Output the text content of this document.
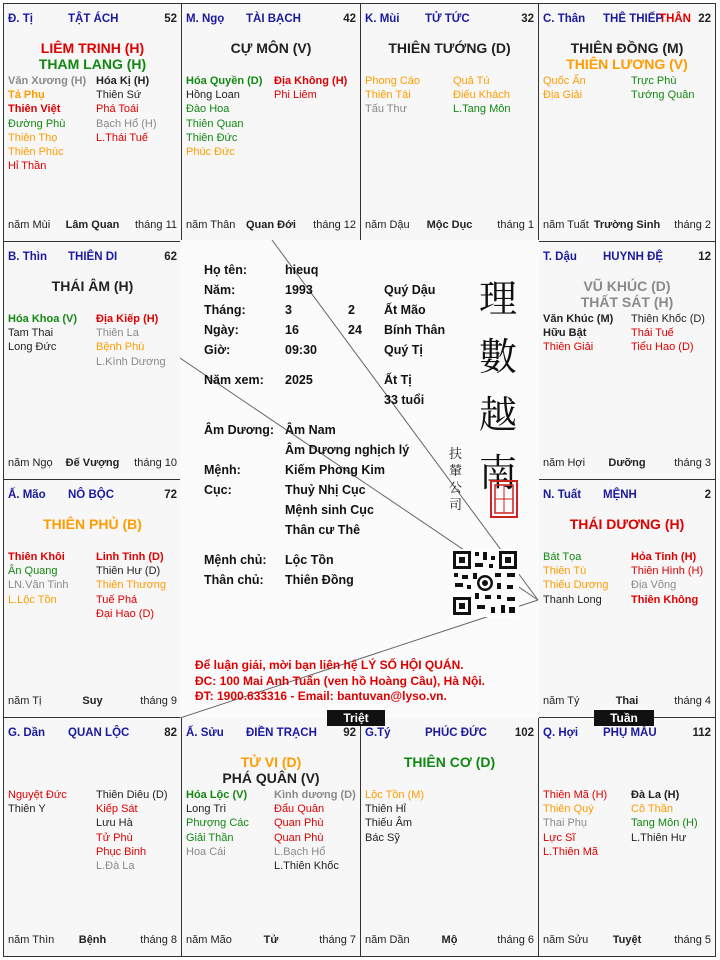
Đ. Tị	TẬT ÁCH	52
LIÊM TRINH (H)
THAM LANG (H)
Văn Xương (H)
Tả Phụ
Thiên Việt
Đường Phù
Thiên Thọ
Thiên Phúc
Hỉ Thần
Hóa Kị (H)
Thiên Sứ
Phá Toái
Bạch Hổ (H)
L.Thái Tuế
Lâm Quan
năm Mùi	tháng 11
M. Ngọ TÀI BẠCH	42
CỰ MÔN (V)
Hóa Quyền (D)
Hồng Loan
Đào Hoa
Thiên Quan
Thiên Đức
Phúc Đức
Địa Không (H)
Phi Liêm
Quan Đới
năm Thân	tháng 12
K. Mùi TỬ TỨC	32
THIÊN TƯỚNG (D)
Phong Cáo
Thiên Tài
Tấu Thư
Quả Tú
Điếu Khách
L.Tang Môn
Mộc Dục
năm Dậu	tháng 1
C. Thân THÊ THIẾP	22
THÂN
THIÊN ĐỒNG (M)
THIÊN LƯƠNG (V)
Quốc Ấn
Địa Giải
Trực Phù
Tướng Quân
Trường Sinh
năm Tuất	tháng 2
B. Thìn THIÊN DI	62
THÁI ÂM (H)
Hóa Khoa (V)
Tam Thai
Long Đức
Địa Kiếp (H)
Thiên La
Bệnh Phù
L.Kình Dương
Đế Vượng
năm Ngọ	tháng 10
T. Dậu HUYNH ĐỆ	12
VŨ KHÚC (D)
THẤT SÁT (H)
Văn Khúc (M)
Hữu Bật
Thiên Giải
Thiên Khốc (D)
Thái Tuế
Tiểu Hao (D)
Dưỡng
năm Hợi	tháng 3
Ấ. Mão NÔ BỘC	72
THIÊN PHỦ (B)
Thiên Khôi
Ân Quang
LN.Văn Tinh
L.Lộc Tồn
Linh Tinh (D)
Thiên Hư (D)
Thiên Thương
Tuế Phá
Đại Hao (D)
Suy
năm Tị	tháng 9
N. Tuất MỆNH	2
THÁI DƯƠNG (H)
Bát Tọa
Thiên Tù
Thiếu Dương
Thanh Long
Hỏa Tinh (H)
Thiên Hình (H)
Địa Võng
Thiên Không
Thai
năm Tý	tháng 4
G. Dần QUAN LỘC	82
Nguyệt Đức
Thiên Y
Thiên Diêu (D)
Kiếp Sát
Lưu Hà
Tử Phù
Phục Binh
L.Đà La
Bệnh
năm Thìn	tháng 8
Ấ. Sửu ĐIỀN TRẠCH 92
TỬ VI (D)
PHÁ QUÂN (V)
Hóa Lộc (V)
Long Trì
Phượng Các
Giải Thần
Hoa Cái
Kình dương (D)
Đẩu Quân
Quan Phù
Quan Phù
L.Bạch Hổ
L.Thiên Khốc
Tử
năm Mão	tháng 7
G.Tý	PHÚC ĐỨC 102
THIÊN CƠ (D)
Lộc Tồn (M)
Thiên Hỉ
Thiếu Âm
Bác Sỹ
Mộ
năm Dần	tháng 6
Q. Hợi PHỤ MẪU	112
Thiên Mã (H)
Thiên Quý
Thai Phụ
Lực Sĩ
L.Thiên Mã
Đà La (H)
Cô Thần
Tang Môn (H)
L.Thiên Hư
Tuyệt
năm Sửu	tháng 5
Họ tên:	hieuq
Năm:	1993	Quý Dậu
Tháng:	3	2 Ất Mão
Ngày:	16	24 Bính Thân
Giờ:	09:30	Quý Tị
Năm xem: 2025	Ất Tị
33 tuổi
Âm Dương: Âm Nam
Âm Dương nghịch lý
Mệnh:	Kiếm Phong Kim
Cục:	Thuỷ Nhị Cục
Mệnh sinh Cục
Thân cư Thê
Mệnh chủ: Lộc Tồn
Thân chủ: Thiên Đồng
理
數
越
南
扶輦公司
Để luận giải, mời bạn liên hệ LÝ SỐ HỘI QUÁN.
ĐC: 100 Mai Anh Tuấn (ven hồ Hoàng Cầu), Hà Nội.
ĐT: 1900.633316 - Email: bantuvan@lyso.vn.
Triệt	Tuần
